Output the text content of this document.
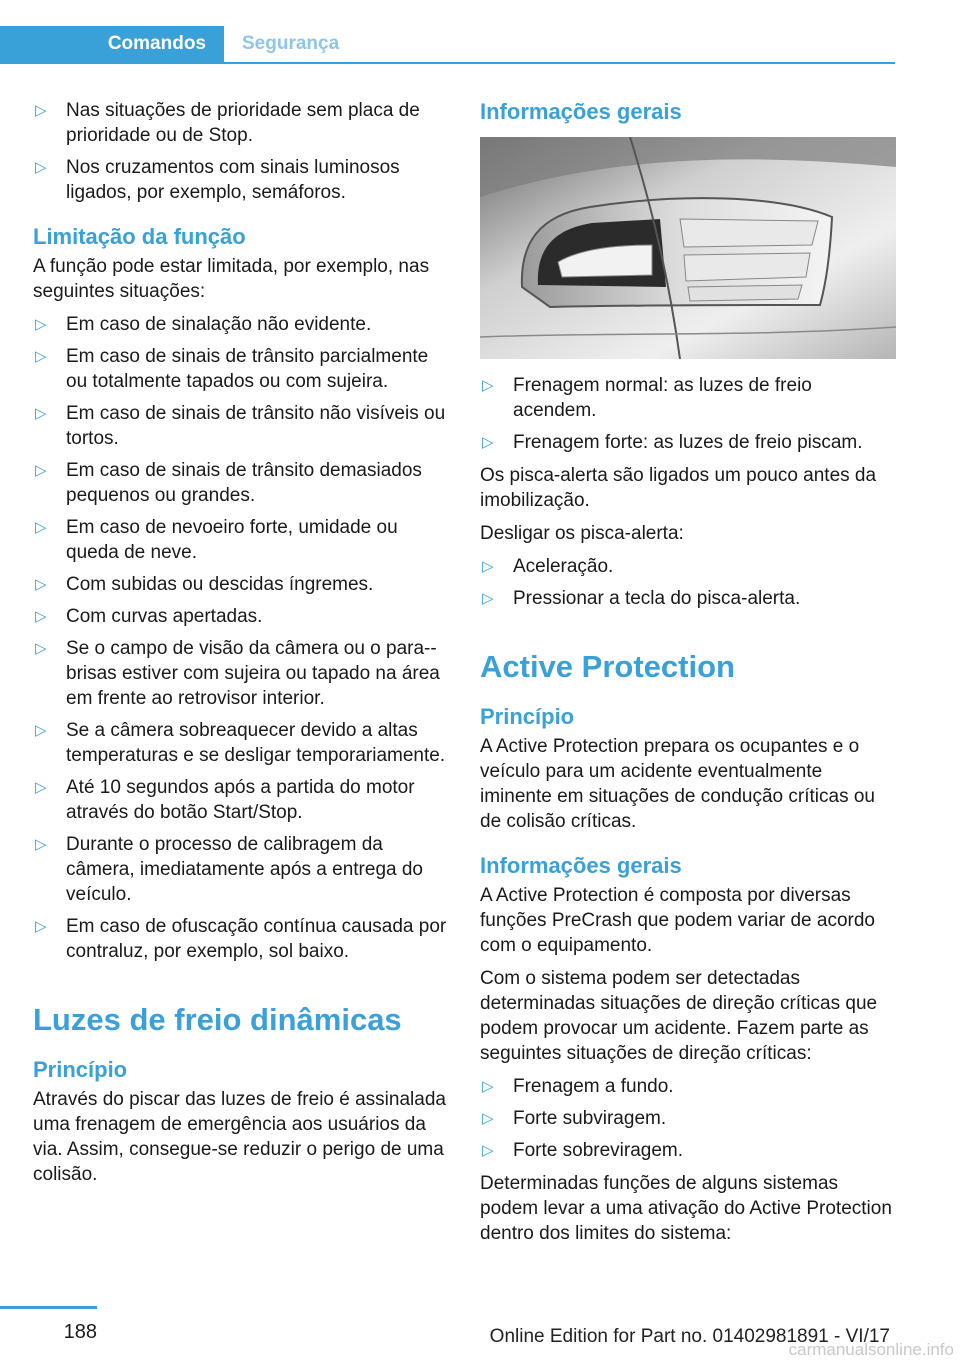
Comandos	Segurança
▷ Nas situações de prioridade sem placa de prioridade ou de Stop.
▷ Nos cruzamentos com sinais luminosos ligados, por exemplo, semáforos.
Limitação da função

A função pode estar limitada, por exemplo, nas seguintes situações:

▷ Em caso de sinalação não evidente.
▷ Em caso de sinais de trânsito parcialmente ou totalmente tapados ou com sujeira.
▷ Em caso de sinais de trânsito não visíveis ou tortos.
▷ Em caso de sinais de trânsito demasiados pequenos ou grandes.
▷ Em caso de nevoeiro forte, umidade ou queda de neve.
▷ Com subidas ou descidas íngremes.
▷ Com curvas apertadas.
▷ Se o campo de visão da câmera ou o para--brisas estiver com sujeira ou tapado na área em frente ao retrovisor interior.
▷ Se a câmera sobreaquecer devido a altas temperaturas e se desligar temporariamente.
▷ Até 10 segundos após a partida do motor através do botão Start/Stop.
▷ Durante o processo de calibragem da câmera, imediatamente após a entrega do veículo.
▷ Em caso de ofuscação contínua causada por contraluz, por exemplo, sol baixo.
Luzes de freio dinâmicas
Princípio

Através do piscar das luzes de freio é assinalada uma frenagem de emergência aos usuários da via. Assim, consegue-se reduzir o perigo de uma colisão.

Informações gerais
▷ Frenagem normal: as luzes de freio acendem.
▷ Frenagem forte: as luzes de freio piscam.

Os pisca-alerta são ligados um pouco antes da imobilização.

Desligar os pisca-alerta:

▷ Aceleração.
▷ Pressionar a tecla do pisca-alerta.
Active Protection
Princípio

A Active Protection prepara os ocupantes e o veículo para um acidente eventualmente iminente em situações de condução críticas ou de colisão críticas.

Informações gerais

A Active Protection é composta por diversas funções PreCrash que podem variar de acordo com o equipamento.

Com o sistema podem ser detectadas determinadas situações de direção críticas que podem provocar um acidente. Fazem parte as seguintes situações de direção críticas:

▷ Frenagem a fundo.
▷ Forte subviragem.
▷ Forte sobreviragem.

Determinadas funções de alguns sistemas podem levar a uma ativação do Active Protection dentro dos limites do sistema:

188	Online Edition for Part no. 01402981891 - VI/17
carmanualsonline.info
